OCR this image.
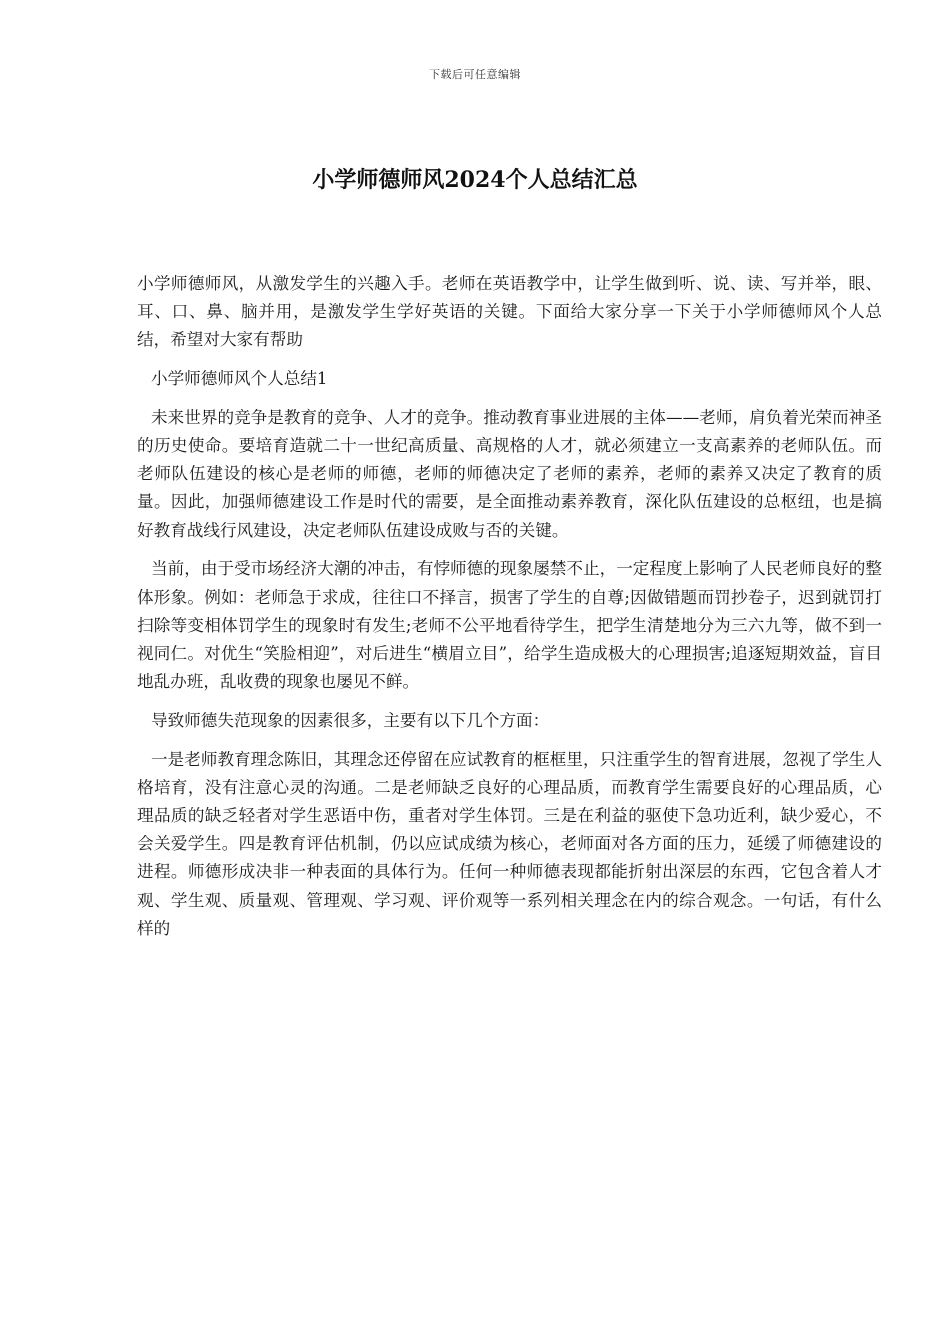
下载后可任意编辑
小学师德师风2024个人总结汇总

小学师德师风，从激发学生的兴趣入手。老师在英语教学中，让学生做到听、说、读、写并举，眼、耳、口、鼻、脑并用，是激发学生学好英语的关键。下面给大家分享一下关于小学师德师风个人总结，希望对大家有帮助

小学师德师风个人总结1

未来世界的竞争是教育的竞争、人才的竞争。推动教育事业进展的主体——老师，肩负着光荣而神圣的历史使命。要培育造就二十一世纪高质量、高规格的人才，就必须建立一支高素养的老师队伍。而老师队伍建设的核心是老师的师德，老师的师德决定了老师的素养，老师的素养又决定了教育的质量。因此，加强师德建设工作是时代的需要，是全面推动素养教育，深化队伍建设的总枢纽，也是搞好教育战线行风建设，决定老师队伍建设成败与否的关键。

当前，由于受市场经济大潮的冲击，有悖师德的现象屡禁不止，一定程度上影响了人民老师良好的整体形象。例如：老师急于求成，往往口不择言，损害了学生的自尊;因做错题而罚抄卷子，迟到就罚打扫除等变相体罚学生的现象时有发生;老师不公平地看待学生，把学生清楚地分为三六九等，做不到一视同仁。对优生“笑脸相迎”，对后进生“横眉立目”，给学生造成极大的心理损害;追逐短期效益，盲目地乱办班，乱收费的现象也屡见不鲜。

导致师德失范现象的因素很多，主要有以下几个方面：

一是老师教育理念陈旧，其理念还停留在应试教育的框框里，只注重学生的智育进展，忽视了学生人格培育，没有注意心灵的沟通。二是老师缺乏良好的心理品质，而教育学生需要良好的心理品质，心理品质的缺乏轻者对学生恶语中伤，重者对学生体罚。三是在利益的驱使下急功近利，缺少爱心，不会关爱学生。四是教育评估机制，仍以应试成绩为核心，老师面对各方面的压力，延缓了师德建设的进程。师德形成决非一种表面的具体行为。任何一种师德表现都能折射出深层的东西，它包含着人才观、学生观、质量观、管理观、学习观、评价观等一系列相关理念在内的综合观念。一句话，有什么样的
